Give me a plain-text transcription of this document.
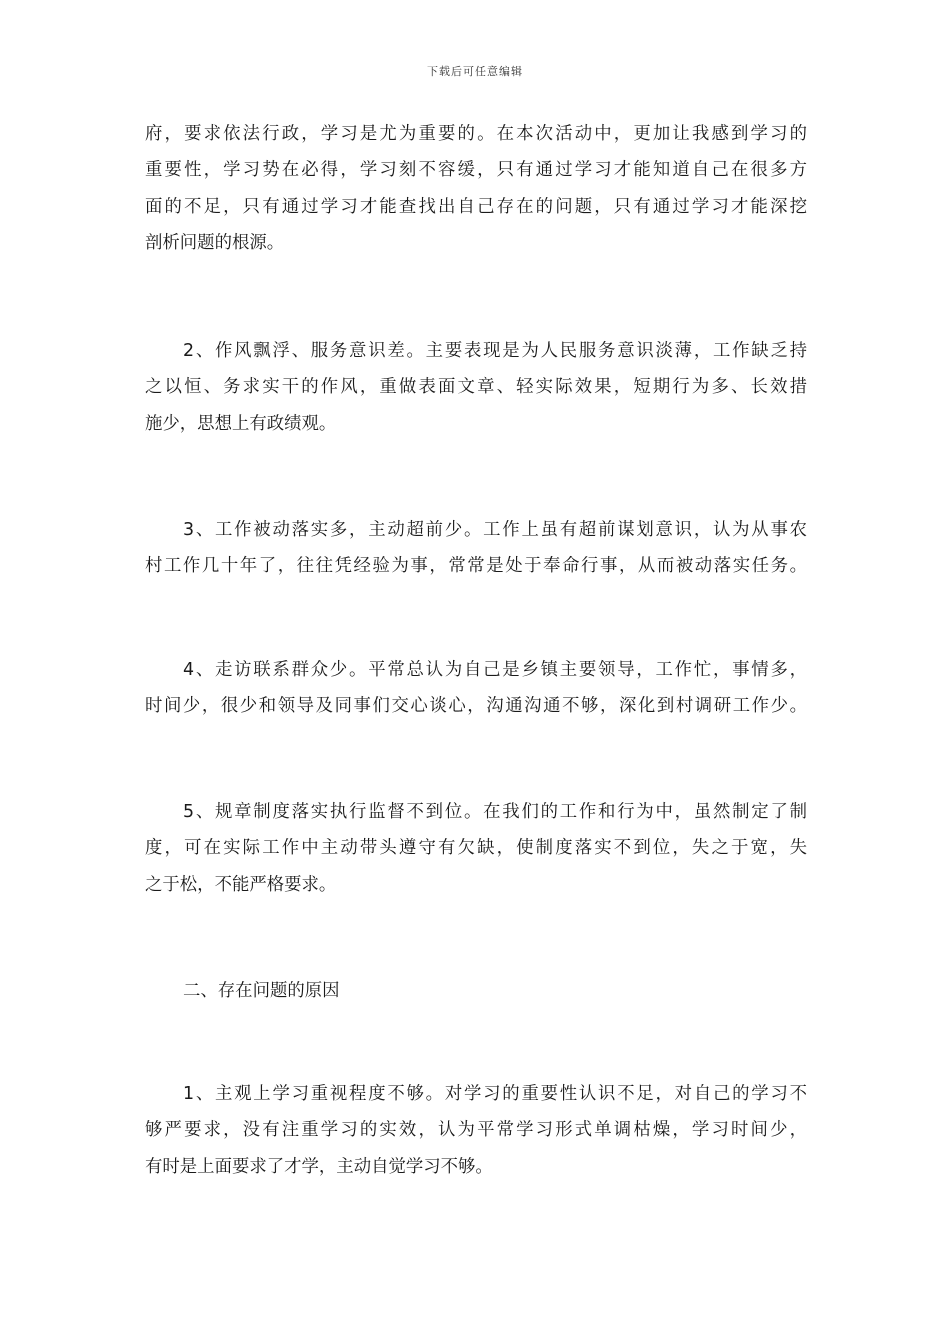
下载后可任意编辑
府，要求依法行政，学习是尤为重要的。在本次活动中，更加让我感到学习的
重要性，学习势在必得，学习刻不容缓，只有通过学习才能知道自己在很多方
面的不足，只有通过学习才能查找出自己存在的问题，只有通过学习才能深挖
剖析问题的根源。
2、作风飘浮、服务意识差。主要表现是为人民服务意识淡薄，工作缺乏持
之以恒、务求实干的作风，重做表面文章、轻实际效果，短期行为多、长效措
施少，思想上有政绩观。
3、工作被动落实多，主动超前少。工作上虽有超前谋划意识，认为从事农
村工作几十年了，往往凭经验为事，常常是处于奉命行事，从而被动落实任务。
4、走访联系群众少。平常总认为自己是乡镇主要领导，工作忙，事情多，
时间少，很少和领导及同事们交心谈心，沟通沟通不够，深化到村调研工作少。
5、规章制度落实执行监督不到位。在我们的工作和行为中，虽然制定了制
度，可在实际工作中主动带头遵守有欠缺，使制度落实不到位，失之于宽，失
之于松，不能严格要求。
二、存在问题的原因
1、主观上学习重视程度不够。对学习的重要性认识不足，对自己的学习不
够严要求，没有注重学习的实效，认为平常学习形式单调枯燥，学习时间少，
有时是上面要求了才学，主动自觉学习不够。
